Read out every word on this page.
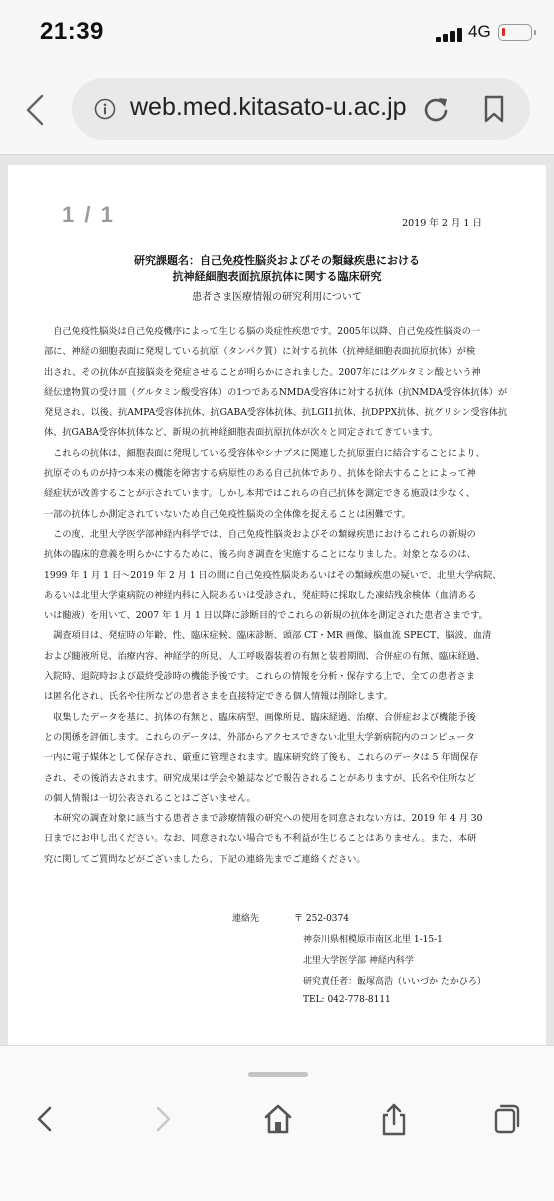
21:39	4G
web.med.kitasato-u.ac.jp
1 / 1	2019 年 2 月 1 日
研究課題名：自己免疫性脳炎およびその類縁疾患における
抗神経細胞表面抗原抗体に関する臨床研究
患者さま医療情報の研究利用について
　自己免疫性脳炎は自己免疫機序によって生じる脳の炎症性疾患です。2005年以降、自己免疫性脳炎の一
部に、神経の細胞表面に発現している抗原（タンパク質）に対する抗体（抗神経細胞表面抗原抗体）が検
出され、その抗体が直接脳炎を発症させることが明らかにされました。2007年にはグルタミン酸という神
経伝達物質の受け皿（グルタミン酸受容体）の1つであるNMDA受容体に対する抗体（抗NMDA受容体抗体）が
発見され、以後、抗AMPA受容体抗体、抗GABA受容体抗体、抗LGI1抗体、抗DPPX抗体、抗グリシン受容体抗
体、抗GABA受容体抗体など、新規の抗神経細胞表面抗原抗体が次々と同定されてきています。
　これらの抗体は、細胞表面に発現している受容体やシナプスに関連した抗原蛋白に結合することにより、
抗原そのものが持つ本来の機能を障害する病原性のある自己抗体であり、抗体を除去することによって神
経症状が改善することが示されています。しかし本邦ではこれらの自己抗体を測定できる施設は少なく、
一部の抗体しか測定されていないため自己免疫性脳炎の全体像を捉えることは困難です。
　この度、北里大学医学部神経内科学では、自己免疫性脳炎およびその類縁疾患におけるこれらの新規の
抗体の臨床的意義を明らかにするために、後ろ向き調査を実施することになりました。対象となるのは、
1999 年 1 月 1 日～2019 年 2 月 1 日の間に自己免疫性脳炎あるいはその類縁疾患の疑いで、北里大学病院、
あるいは北里大学東病院の神経内科に入院あるいは受診され、発症時に採取した凍結残余検体（血清ある
いは髄液）を用いて、2007 年 1 月 1 日以降に診断目的でこれらの新規の抗体を測定された患者さまです。
　調査項目は、発症時の年齢、性、臨床症候、臨床診断、頭部 CT・MR 画像、脳血流 SPECT、脳波、血清
および髄液所見、治療内容、神経学的所見、人工呼吸器装着の有無と装着期間、合併症の有無、臨床経過、
入院時、退院時および最終受診時の機能予後です。これらの情報を分析・保存する上で、全ての患者さま
は匿名化され、氏名や住所などの患者さまを直接特定できる個人情報は削除します。
　収集したデータを基に、抗体の有無と、臨床病型、画像所見、臨床経過、治療、合併症および機能予後
との関係を評価します。これらのデータは、外部からアクセスできない北里大学新病院内のコンピュータ
一内に電子媒体として保存され、厳重に管理されます。臨床研究終了後も、これらのデータは 5 年間保存
され、その後消去されます。研究成果は学会や雑誌などで報告されることがありますが、氏名や住所など
の個人情報は一切公表されることはございません。
　本研究の調査対象に該当する患者さまで診療情報の研究への使用を同意されない方は、2019 年 4 月 30
日までにお申し出ください。なお、同意されない場合でも不利益が生じることはありません。また、本研
究に関してご質問などがございましたら、下記の連絡先までご連絡ください。
連絡先	〒 252-0374
神奈川県相模原市南区北里 1-15-1
北里大学医学部 神経内科学
研究責任者：飯塚高浩（いいづか たかひろ）
TEL: 042-778-8111
